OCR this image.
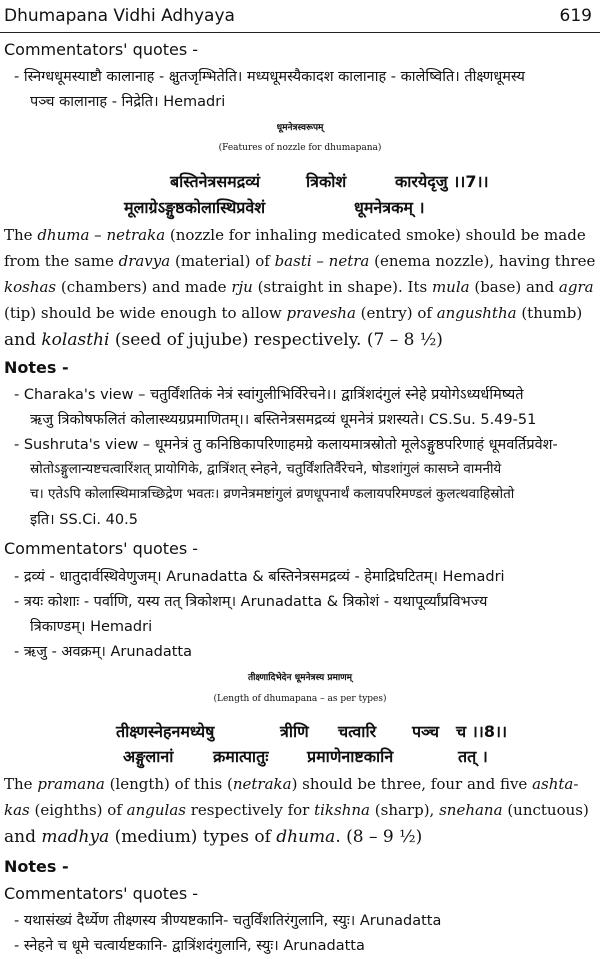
Dhumapana Vidhi Adhyaya	619
Commentators' quotes -
- स्निग्धधूमस्याष्टौ कालानाह - क्षुतजृम्भितेति। मध्यधूमस्यैकादश कालानाह - कालेष्विति। तीक्ष्णधूमस्य
पञ्च कालानाह - निद्रेति। Hemadri
धूमनेत्रस्वरूपम्
(Features of nozzle for dhumapana)
बस्तिनेत्रसमद्रव्यं	त्रिकोशं	कारयेदृजु ।।7।।
मूलाग्रेऽङ्गुष्ठकोलास्थिप्रवेशं	धूमनेत्रकम् ।
The dhuma – netraka (nozzle for inhaling medicated smoke) should be made
from the same dravya (material) of basti – netra (enema nozzle), having three
koshas (chambers) and made rju (straight in shape). Its mula (base) and agra
(tip) should be wide enough to allow pravesha (entry) of angushtha (thumb)
and kolasthi (seed of jujube) respectively. (7 – 8 ½)
Notes -
- Charaka's view – चतुर्विंशतिकं नेत्रं स्वांगुलीभिर्विरेचने।। द्वात्रिंशदंगुलं स्नेहे प्रयोगेऽध्यर्धमिष्यते
ऋजु त्रिकोषफलितं कोलास्थ्यग्रप्रमाणितम्।। बस्तिनेत्रसमद्रव्यं धूमनेत्रं प्रशस्यते। CS.Su. 5.49-51
- Sushruta's view – धूमनेत्रं तु कनिष्ठिकापरिणाहमग्रे कलायमात्रस्रोतो मूलेऽङ्गुष्ठपरिणाहं धूमवर्तिप्रवेश-
स्रोतोऽङ्गुलान्यष्टचत्वारिंशत् प्रायोगिके, द्वात्रिंशत् स्नेहने, चतुर्विंशतिर्वैरेचने, षोडशांगुलं कासघ्ने वामनीये
च। एतेऽपि कोलास्थिमात्रच्छिद्रेण भवतः। व्रणनेत्रमष्टांगुलं व्रणधूपनार्थं कलायपरिमण्डलं कुलत्थवाहिस्रोतो
इति। SS.Ci. 40.5
Commentators' quotes -
- द्रव्यं - धातुदार्वस्थिवेणुजम्। Arunadatta & बस्तिनेत्रसमद्रव्यं - हेमाद्रिघटितम्। Hemadri
- त्रयः कोशाः - पर्वाणि, यस्य तत् त्रिकोशम्। Arunadatta & त्रिकोशं - यथापूर्व्यांप्रविभज्य
त्रिकाण्डम्। Hemadri
- ऋजु - अवक्रम्। Arunadatta
तीक्ष्णादिभेदेन धूमनेत्रस्य प्रमाणम्
(Length of dhumapana – as per types)
तीक्ष्णस्नेहनमध्येषु	त्रीणि चत्वारि पञ्च च ।।8।।
अङ्गुलानां क्रमात्पातुः प्रमाणेनाष्टकानि	तत् ।
The pramana (length) of this (netraka) should be three, four and five ashta-
kas (eighths) of angulas respectively for tikshna (sharp), snehana (unctuous)
and madhya (medium) types of dhuma. (8 – 9 ½)
Notes -
Commentators' quotes -
- यथासंख्यं दैर्ध्येण तीक्ष्णस्य त्रीण्यष्टकानि- चतुर्विंशतिरंगुलानि, स्युः। Arunadatta
- स्नेहने च धूमे चत्वार्यष्टकानि- द्वात्रिंशदंगुलानि, स्युः। Arunadatta
